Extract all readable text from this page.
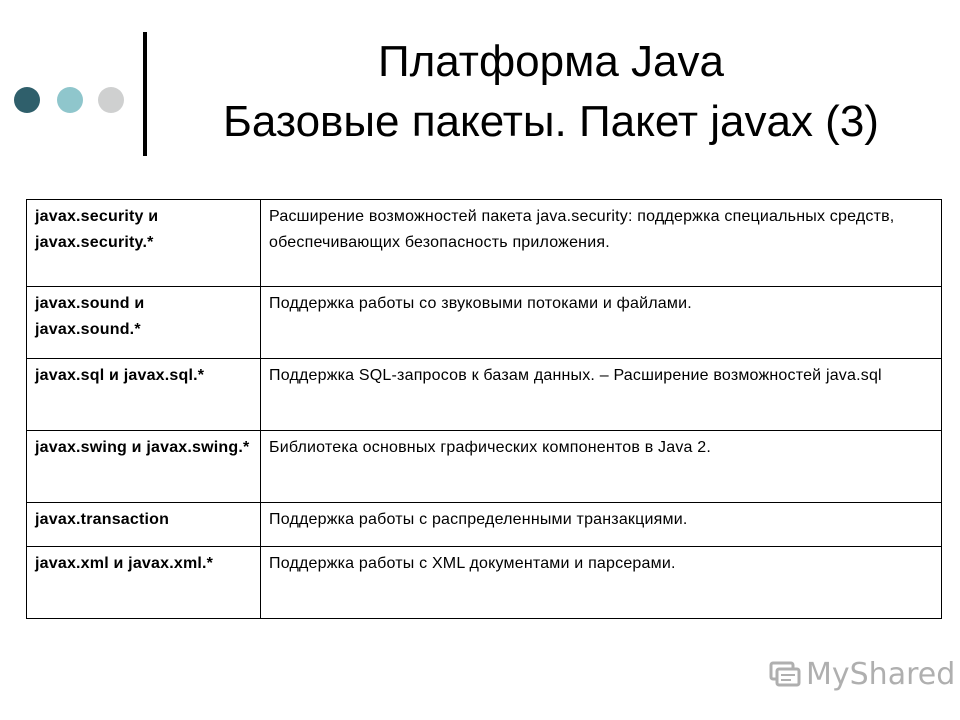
Платформа Java
Базовые пакеты. Пакет javax (3)
javax.security и javax.security.*	Расширение возможностей пакета java.security: поддержка специальных средств, обеспечивающих безопасность приложения.
javax.sound и javax.sound.*	Поддержка работы со звуковыми потоками и файлами.
javax.sql и javax.sql.*	Поддержка SQL-запросов к базам данных. – Расширение возможностей java.sql
javax.swing и javax.swing.*	Библиотека основных графических компонентов в Java 2.
javax.transaction	Поддержка работы с распределенными транзакциями.
javax.xml и javax.xml.*	Поддержка работы с XML документами и парсерами.
MyShared
